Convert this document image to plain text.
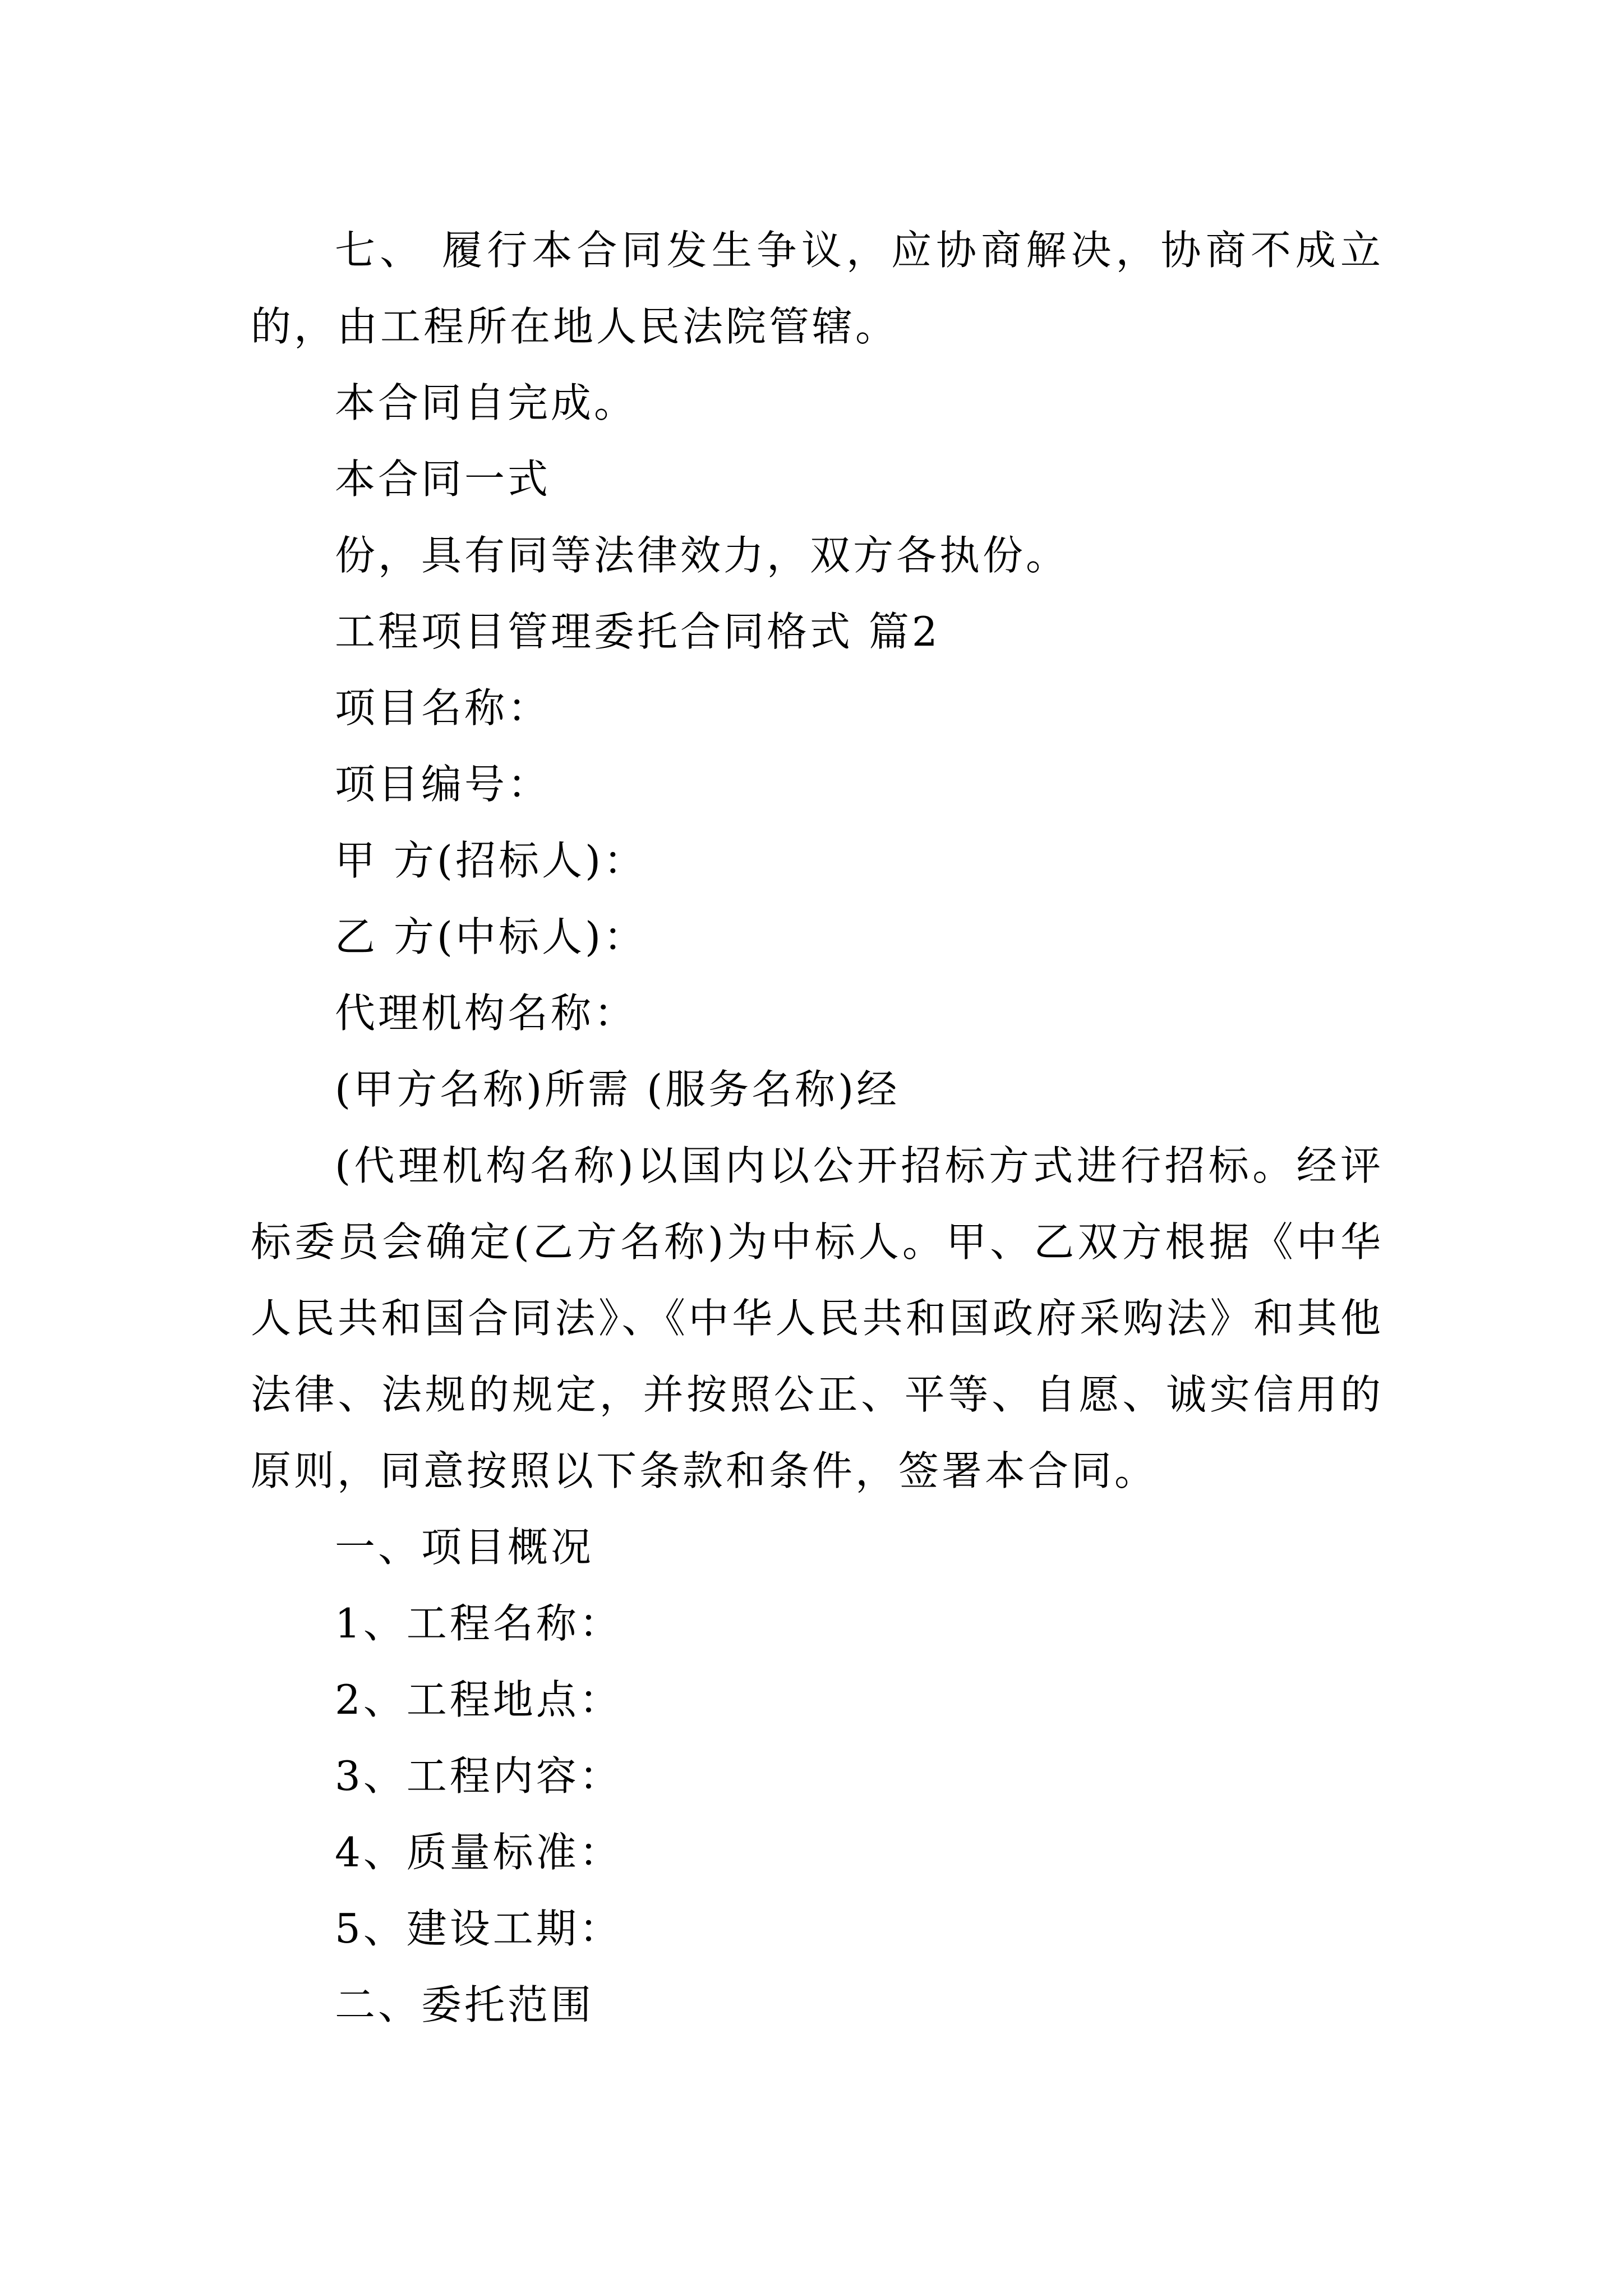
七、 履行本合同发生争议，应协商解决，协商不成立的，由工程所在地人民法院管辖。

本合同自完成。

本合同一式

份，具有同等法律效力，双方各执份。

工程项目管理委托合同格式 篇2

项目名称：

项目编号：

甲 方(招标人)：

乙 方(中标人)：

代理机构名称：

(甲方名称)所需 (服务名称)经

(代理机构名称)以国内以公开招标方式进行招标。经评标委员会确定(乙方名称)为中标人。甲、乙双方根据《中华人民共和国合同法》、《中华人民共和国政府采购法》和其他法律、法规的规定，并按照公正、平等、自愿、诚实信用的原则，同意按照以下条款和条件，签署本合同。

一、项目概况

1、工程名称：

2、工程地点：

3、工程内容：

4、质量标准：

5、建设工期：

二、委托范围
